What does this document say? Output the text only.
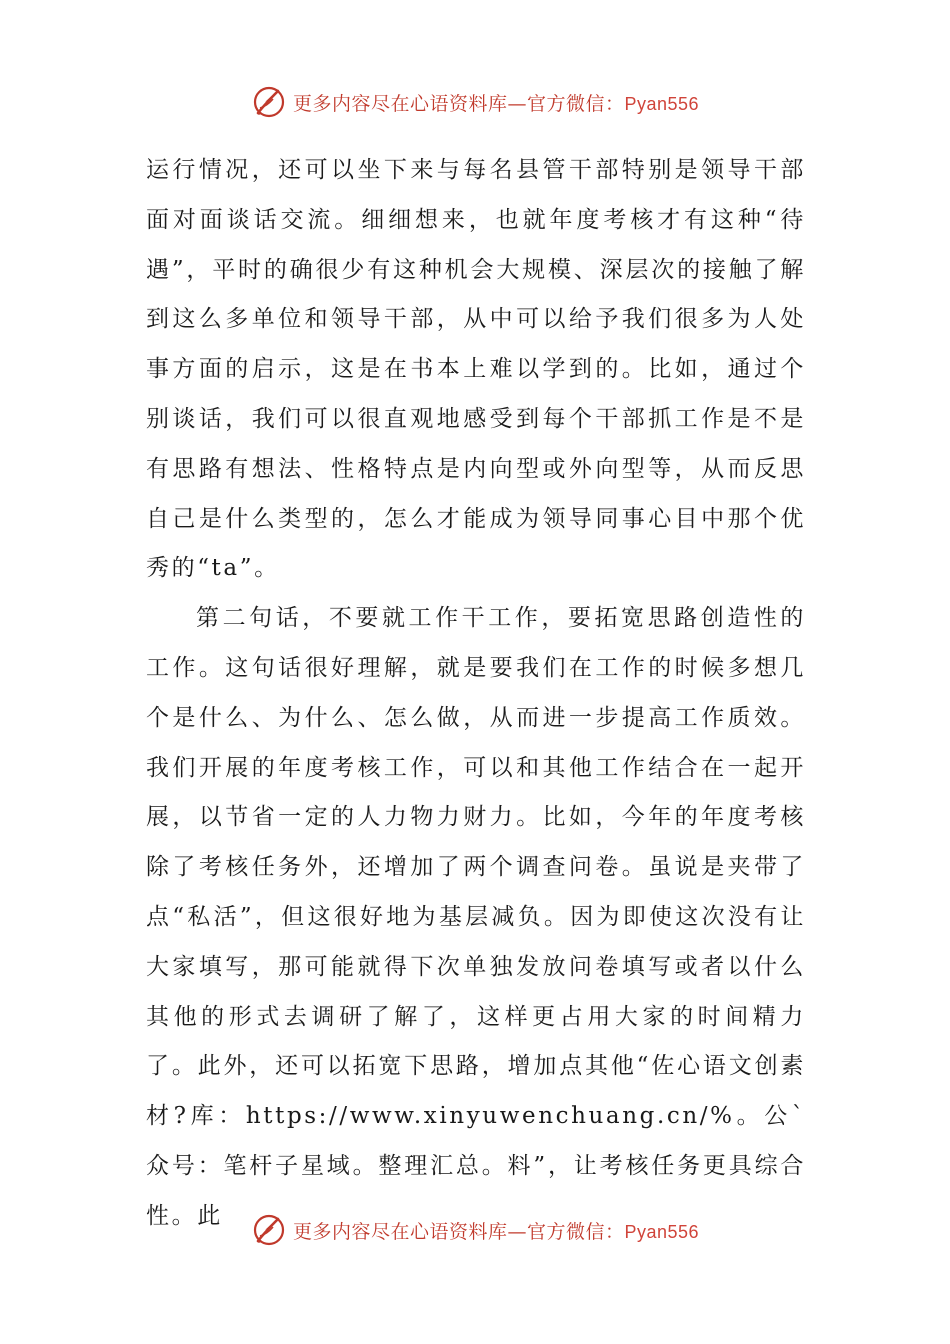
更多内容尽在心语资料库—官方微信：Pyan556

运行情况，还可以坐下来与每名县管干部特别是领导干部面对面谈话交流。细细想来，也就年度考核才有这种“待遇”，平时的确很少有这种机会大规模、深层次的接触了解到这么多单位和领导干部，从中可以给予我们很多为人处事方面的启示，这是在书本上难以学到的。比如，通过个别谈话，我们可以很直观地感受到每个干部抓工作是不是有思路有想法、性格特点是内向型或外向型等，从而反思自己是什么类型的，怎么才能成为领导同事心目中那个优秀的“ta”。

第二句话，不要就工作干工作，要拓宽思路创造性的工作。这句话很好理解，就是要我们在工作的时候多想几个是什么、为什么、怎么做，从而进一步提高工作质效。我们开展的年度考核工作，可以和其他工作结合在一起开展，以节省一定的人力物力财力。比如，今年的年度考核除了考核任务外，还增加了两个调查问卷。虽说是夹带了点“私活”，但这很好地为基层减负。因为即使这次没有让大家填写，那可能就得下次单独发放问卷填写或者以什么其他的形式去调研了解了，这样更占用大家的时间精力了。此外，还可以拓宽下思路，增加点其他“佐心语文创素材?库：https://www.xinyuwenchuang.cn/%。公`众号：笔杆子星域。整理汇总。料”，让考核任务更具综合性。此

更多内容尽在心语资料库—官方微信：Pyan556
